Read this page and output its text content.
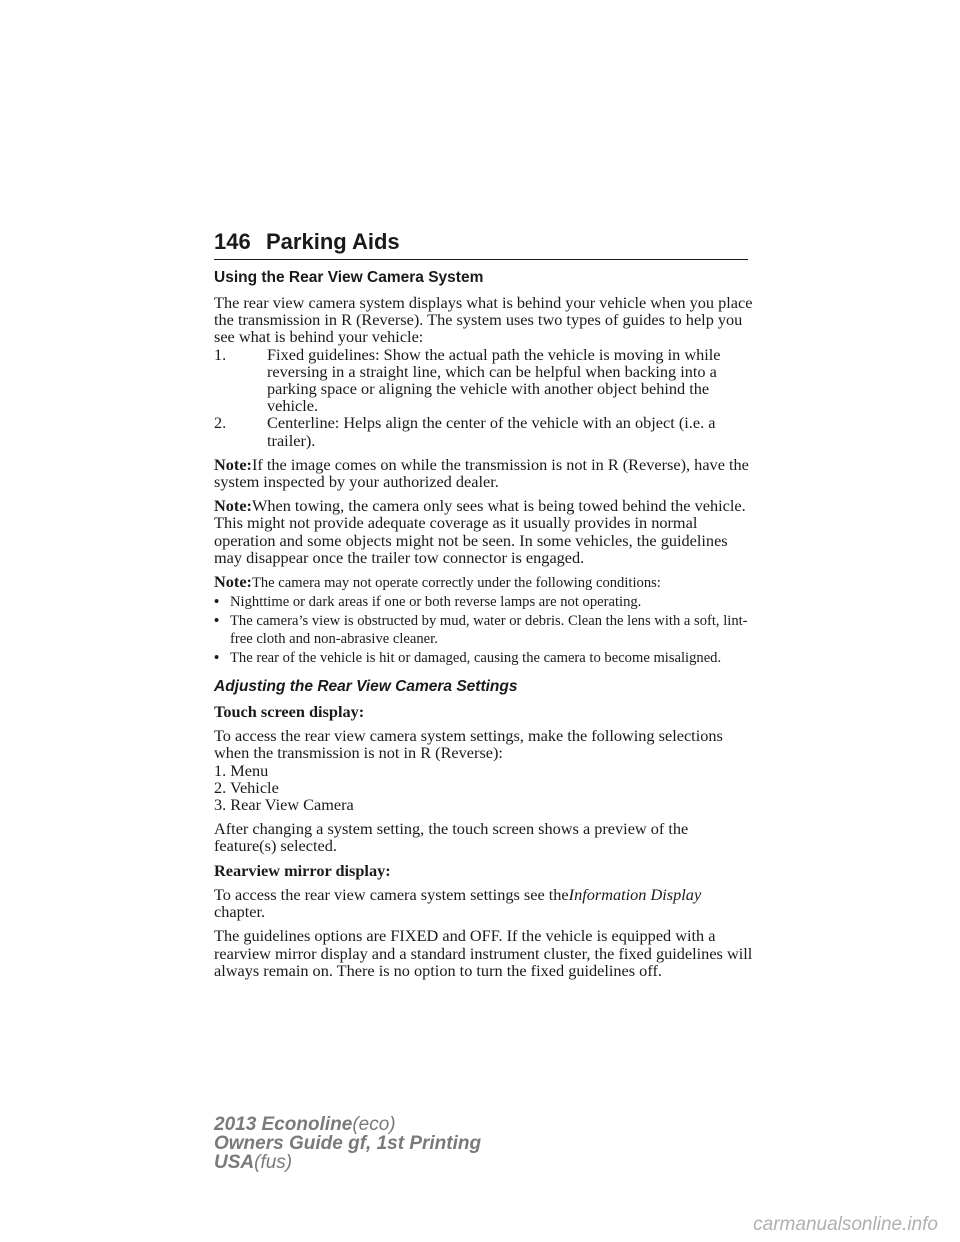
146 Parking Aids
Using the Rear View Camera System

The rear view camera system displays what is behind your vehicle when you place the transmission in R (Reverse). The system uses two types of guides to help you see what is behind your vehicle:

1.	Fixed guidelines: Show the actual path the vehicle is moving in while reversing in a straight line, which can be helpful when backing into a parking space or aligning the vehicle with another object behind the vehicle.
2.	Centerline: Helps align the center of the vehicle with an object (i.e. a trailer).

Note:If the image comes on while the transmission is not in R (Reverse), have the system inspected by your authorized dealer.

Note:When towing, the camera only sees what is being towed behind the vehicle. This might not provide adequate coverage as it usually provides in normal operation and some objects might not be seen. In some vehicles, the guidelines may disappear once the trailer tow connector is engaged.

Note:The camera may not operate correctly under the following conditions:

• Nighttime or dark areas if one or both reverse lamps are not operating.
• The camera’s view is obstructed by mud, water or debris. Clean the lens with a soft, lint-free cloth and non-abrasive cleaner.
• The rear of the vehicle is hit or damaged, causing the camera to become misaligned.
Adjusting the Rear View Camera Settings
Touch screen display:

To access the rear view camera system settings, make the following selections when the transmission is not in R (Reverse):

1. Menu
2. Vehicle
3. Rear View Camera

After changing a system setting, the touch screen shows a preview of the feature(s) selected.

Rearview mirror display:

To access the rear view camera system settings see theInformation Display chapter.

The guidelines options are FIXED and OFF. If the vehicle is equipped with a rearview mirror display and a standard instrument cluster, the fixed guidelines will always remain on. There is no option to turn the fixed guidelines off.

2013 Econoline(eco)
Owners Guide gf, 1st Printing
USA(fus)
carmanualsonline.info
